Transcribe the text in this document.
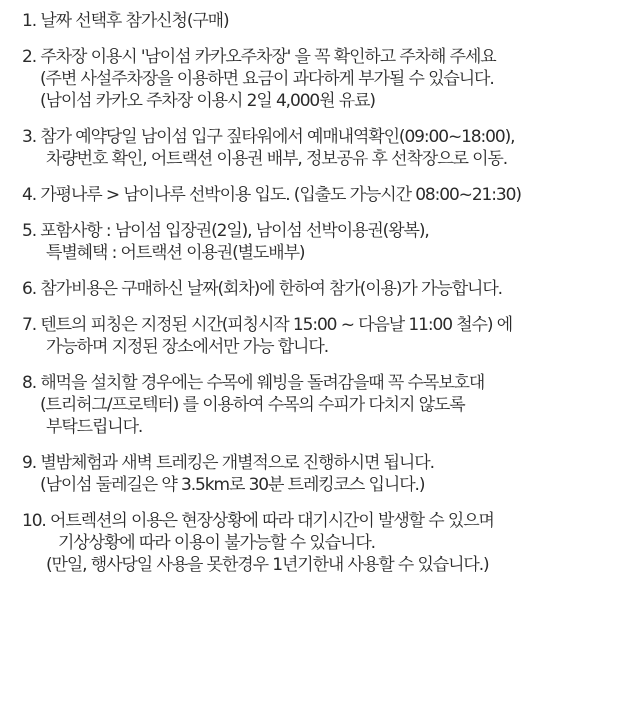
1. 날짜 선택후 참가신청(구매)
2. 주차장 이용시 '남이섬 카카오주차장' 을 꼭 확인하고 주차해 주세요
(주변 사설주차장을 이용하면 요금이 과다하게 부가될 수 있습니다.
(남이섬 카카오 주차장 이용시 2일 4,000원 유료)
3. 참가 예약당일 남이섬 입구 짚타워에서 예매내역확인(09:00~18:00),
차량번호 확인, 어트랙션 이용권 배부, 정보공유 후 선착장으로 이동.
4. 가평나루 > 남이나루 선박이용 입도. (입출도 가능시간 08:00~21:30)
5. 포함사항 : 남이섬 입장권(2일), 남이섬 선박이용권(왕복),
특별혜택 : 어트랙션 이용권(별도배부)
6. 참가비용은 구매하신 날짜(회차)에 한하여 참가(이용)가 가능합니다.
7. 텐트의 피칭은 지정된 시간(피칭시작 15:00 ~ 다음날 11:00 철수) 에
가능하며 지정된 장소에서만 가능 합니다.
8. 해먹을 설치할 경우에는 수목에 웨빙을 돌려감을때 꼭 수목보호대
(트리허그/프로텍터) 를 이용하여 수목의 수피가 다치지 않도록
부탁드립니다.
9. 별밤체험과 새벽 트레킹은 개별적으로 진행하시면 됩니다.
(남이섬 둘레길은 약 3.5km로 30분 트레킹코스 입니다.)
10. 어트렉션의 이용은 현장상황에 따라 대기시간이 발생할 수 있으며
기상상황에 따라 이용이 불가능할 수 있습니다.
(만일, 행사당일 사용을 못한경우 1년기한내 사용할 수 있습니다.)
